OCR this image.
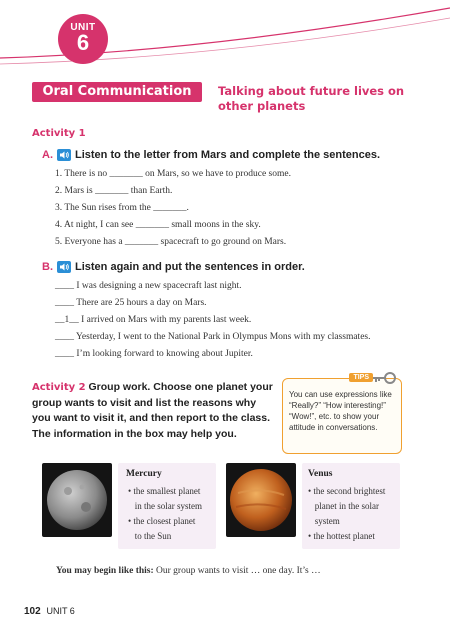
UNIT
6
Oral Communication	Talking about future lives on other planets
Activity 1
A. Listen to the letter from Mars and complete the sentences.
1. There is no _______ on Mars, so we have to produce some.
2. Mars is _______ than Earth.
3. The Sun rises from the _______.
4. At night, I can see _______ small moons in the sky.
5. Everyone has a _______ spacecraft to go ground on Mars.
B. Listen again and put the sentences in order.
____ I was designing a new spacecraft last night.
____ There are 25 hours a day on Mars.
__1__ I arrived on Mars with my parents last week.
____ Yesterday, I went to the National Park in Olympus Mons with my classmates.
____ I’m looking forward to knowing about Jupiter.
Activity 2 Group work. Choose one planet your group wants to visit and list the reasons why you want to visit it, and then report to the class. The information in the box may help you.
TIPS
You can use expressions like “Really?” “How interesting!” “Wow!”, etc. to show your attitude in conversations.
Mercury
• the smallest planet
in the solar system
• the closest planet
to the Sun
Venus
• the second brightest
planet in the solar
system
• the hottest planet
You may begin like this: Our group wants to visit … one day. It’s …
102 UNIT 6
